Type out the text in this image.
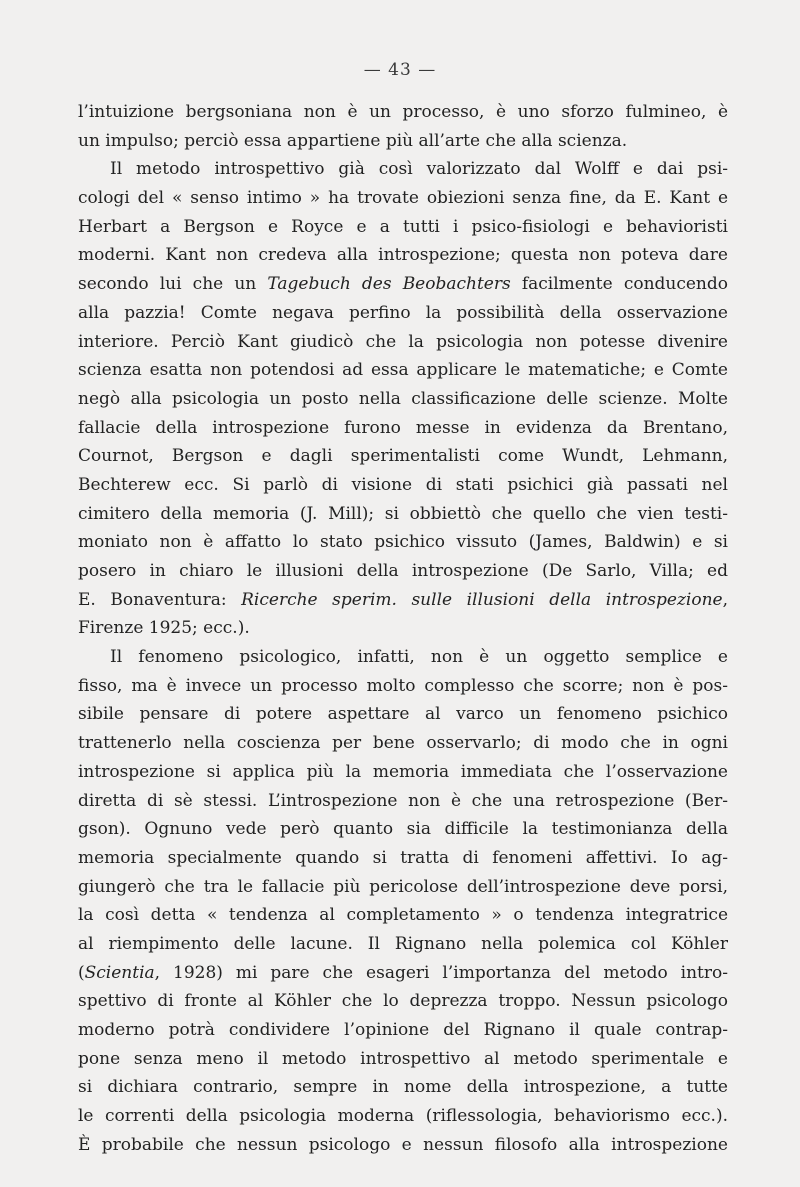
— 43 —
l’intuizione bergsoniana non è un processo, è uno sforzo fulmineo, è
un impulso; perciò essa appartiene più all’arte che alla scienza.
Il metodo introspettivo già così valorizzato dal Wolff e dai psi-
cologi del « senso intimo » ha trovate obiezioni senza fine, da E. Kant e
Herbart a Bergson e Royce e a tutti i psico-fisiologi e behavioristi
moderni. Kant non credeva alla introspezione; questa non poteva dare
secondo lui che un Tagebuch des Beobachters facilmente conducendo
alla pazzia! Comte negava perfino la possibilità della osservazione
interiore. Perciò Kant giudicò che la psicologia non potesse divenire
scienza esatta non potendosi ad essa applicare le matematiche; e Comte
negò alla psicologia un posto nella classificazione delle scienze. Molte
fallacie della introspezione furono messe in evidenza da Brentano,
Cournot, Bergson e dagli sperimentalisti come Wundt, Lehmann,
Bechterew ecc. Si parlò di visione di stati psichici già passati nel
cimitero della memoria (J. Mill); si obbiettò che quello che vien testi-
moniato non è affatto lo stato psichico vissuto (James, Baldwin) e si
posero in chiaro le illusioni della introspezione (De Sarlo, Villa; ed
E. Bonaventura: Ricerche sperim. sulle illusioni della introspezione,
Firenze 1925; ecc.).
Il fenomeno psicologico, infatti, non è un oggetto semplice e
fisso, ma è invece un processo molto complesso che scorre; non è pos-
sibile pensare di potere aspettare al varco un fenomeno psichico
trattenerlo nella coscienza per bene osservarlo; di modo che in ogni
introspezione si applica più la memoria immediata che l’osservazione
diretta di sè stessi. L’introspezione non è che una retrospezione (Ber-
gson). Ognuno vede però quanto sia difficile la testimonianza della
memoria specialmente quando si tratta di fenomeni affettivi. Io ag-
giungerò che tra le fallacie più pericolose dell’introspezione deve porsi,
la così detta « tendenza al completamento » o tendenza integratrice
al riempimento delle lacune. Il Rignano nella polemica col Köhler
(Scientia, 1928) mi pare che esageri l’importanza del metodo intro-
spettivo di fronte al Köhler che lo deprezza troppo. Nessun psicologo
moderno potrà condividere l’opinione del Rignano il quale contrap-
pone senza meno il metodo introspettivo al metodo sperimentale e
si dichiara contrario, sempre in nome della introspezione, a tutte
le correnti della psicologia moderna (riflessologia, behaviorismo ecc.).
È probabile che nessun psicologo e nessun filosofo alla introspezione
